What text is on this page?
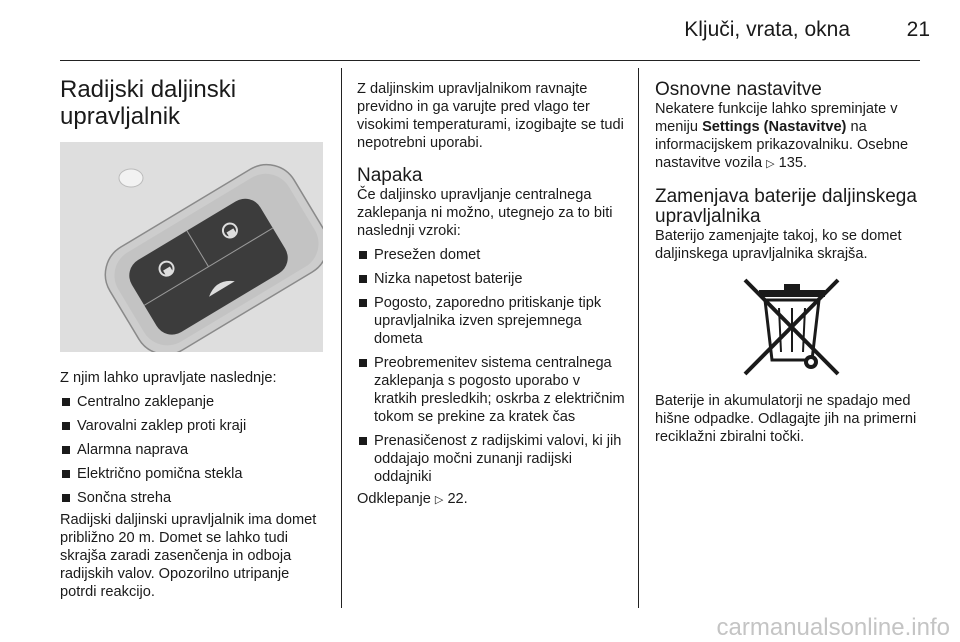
Ključi, vrata, okna	21
Radijski daljinski upravljalnik

Z njim lahko upravljate naslednje:

Centralno zaklepanje
Varovalni zaklep proti kraji
Alarmna naprava
Električno pomična stekla
Sončna streha

Radijski daljinski upravljalnik ima domet približno 20 m. Domet se lahko tudi skrajša zaradi zasenčenja in odboja radijskih valov. Opozorilno utripanje potrdi reakcijo.

Z daljinskim upravljalnikom ravnajte previdno in ga varujte pred vlago ter visokimi temperaturami, izogibajte se tudi nepotrebni uporabi.

Napaka

Če daljinsko upravljanje centralnega zaklepanja ni možno, utegnejo za to biti naslednji vzroki:

Presežen domet
Nizka napetost baterije
Pogosto, zaporedno pritiskanje tipk upravljalnika izven sprejemnega dometa
Preobremenitev sistema centralnega zaklepanja s pogosto uporabo v kratkih presledkih; oskrba z električnim tokom se prekine za kratek čas
Prenasičenost z radijskimi valovi, ki jih oddajajo močni zunanji radijski oddajniki

Odklepanje ▷ 22.

Osnovne nastavitve

Nekatere funkcije lahko spreminjate v meniju Settings (Nastavitve) na informacijskem prikazovalniku. Osebne nastavitve vozila ▷ 135.

Zamenjava baterije daljinskega upravljalnika

Baterijo zamenjajte takoj, ko se domet daljinskega upravljalnika skrajša.

Baterije in akumulatorji ne spadajo med hišne odpadke. Odlagajte jih na primerni reciklažni zbiralni točki.

carmanualsonline.info
